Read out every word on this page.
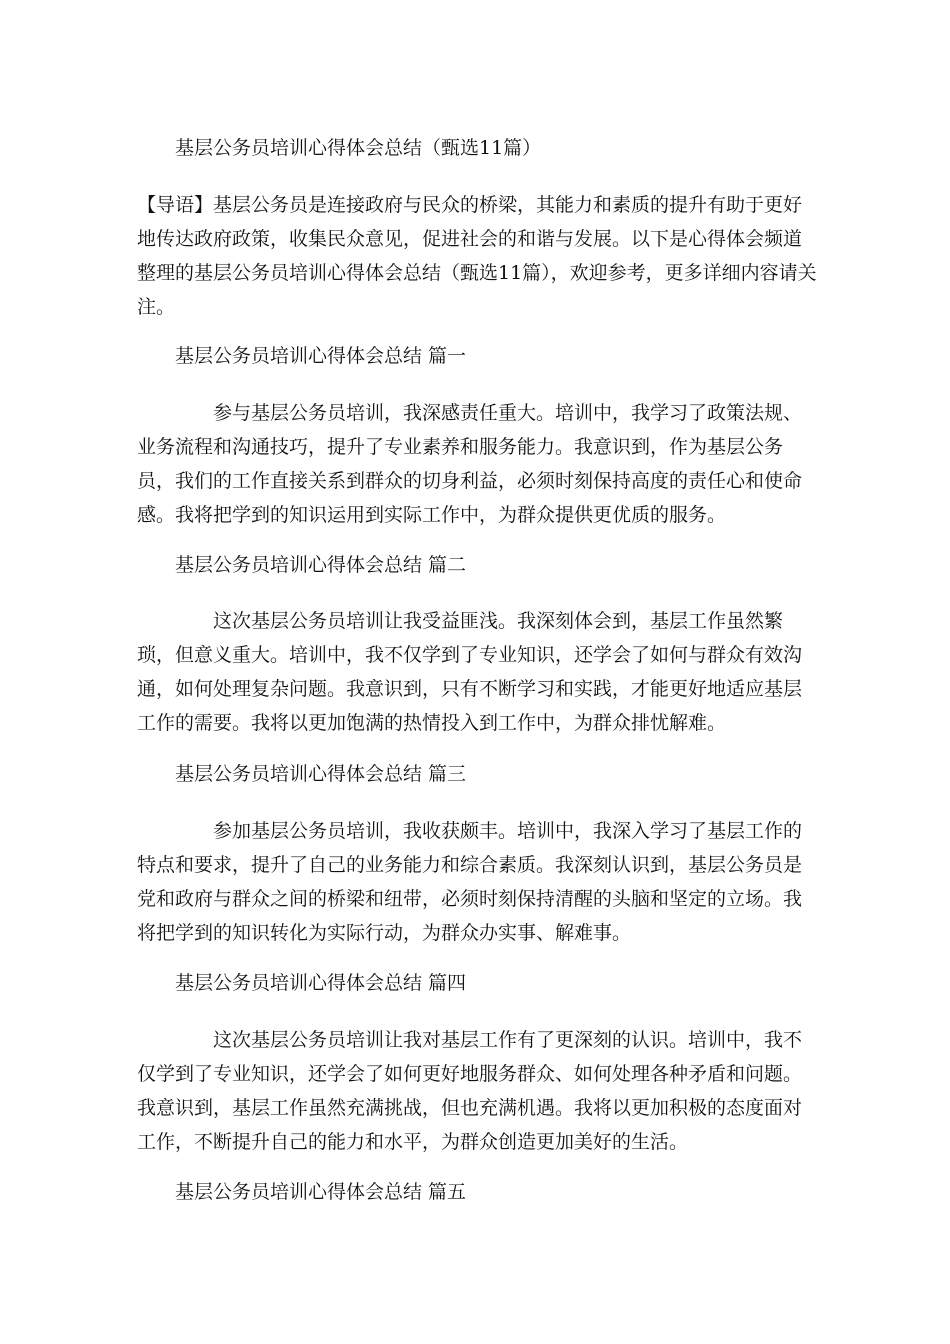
基层公务员培训心得体会总结（甄选11篇）

【导语】基层公务员是连接政府与民众的桥梁，其能力和素质的提升有助于更好地传达政府政策，收集民众意见，促进社会的和谐与发展。以下是心得体会频道整理的基层公务员培训心得体会总结（甄选11篇），欢迎参考，更多详细内容请关注。

基层公务员培训心得体会总结 篇一

参与基层公务员培训，我深感责任重大。培训中，我学习了政策法规、业务流程和沟通技巧，提升了专业素养和服务能力。我意识到，作为基层公务员，我们的工作直接关系到群众的切身利益，必须时刻保持高度的责任心和使命感。我将把学到的知识运用到实际工作中，为群众提供更优质的服务。

基层公务员培训心得体会总结 篇二

这次基层公务员培训让我受益匪浅。我深刻体会到，基层工作虽然繁琐，但意义重大。培训中，我不仅学到了专业知识，还学会了如何与群众有效沟通，如何处理复杂问题。我意识到，只有不断学习和实践，才能更好地适应基层工作的需要。我将以更加饱满的热情投入到工作中，为群众排忧解难。

基层公务员培训心得体会总结 篇三

参加基层公务员培训，我收获颇丰。培训中，我深入学习了基层工作的特点和要求，提升了自己的业务能力和综合素质。我深刻认识到，基层公务员是党和政府与群众之间的桥梁和纽带，必须时刻保持清醒的头脑和坚定的立场。我将把学到的知识转化为实际行动，为群众办实事、解难事。

基层公务员培训心得体会总结 篇四

这次基层公务员培训让我对基层工作有了更深刻的认识。培训中，我不仅学到了专业知识，还学会了如何更好地服务群众、如何处理各种矛盾和问题。我意识到，基层工作虽然充满挑战，但也充满机遇。我将以更加积极的态度面对工作，不断提升自己的能力和水平，为群众创造更加美好的生活。

基层公务员培训心得体会总结 篇五
